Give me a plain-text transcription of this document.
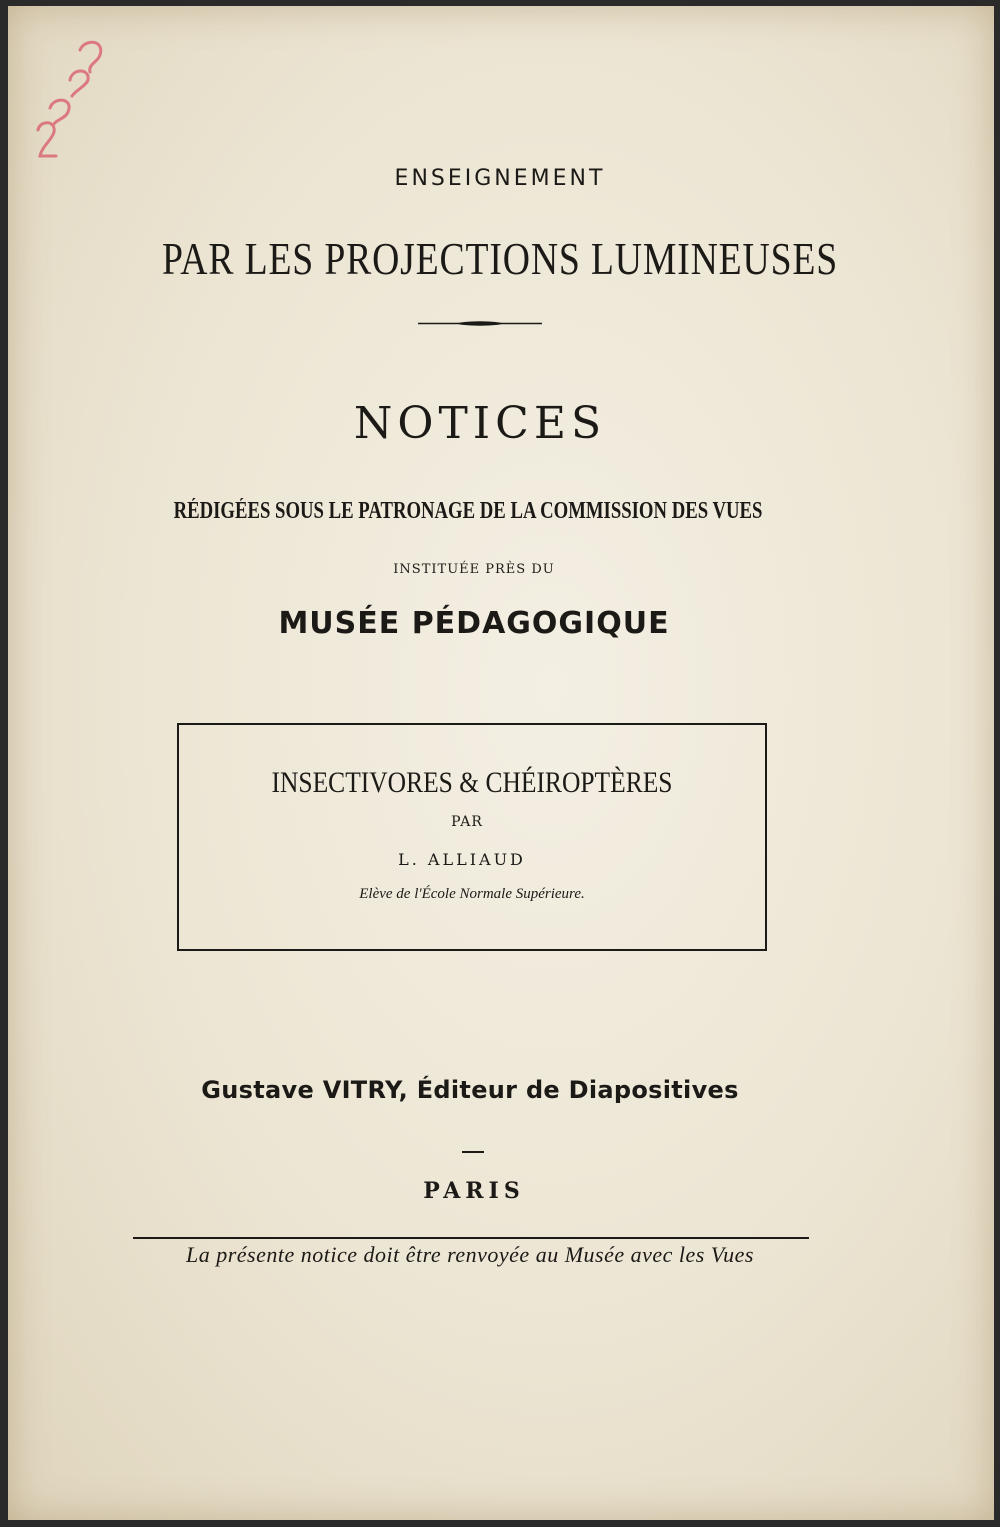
ENSEIGNEMENT
PAR LES PROJECTIONS LUMINEUSES
NOTICES
RÉDIGÉES SOUS LE PATRONAGE DE LA COMMISSION DES VUES
INSTITUÉE PRÈS DU
MUSÉE PÉDAGOGIQUE
INSECTIVORES & CHÉIROPTÈRES
PAR
L. ALLIAUD
Elève de l'École Normale Supérieure.
Gustave VITRY, Éditeur de Diapositives
PARIS
La présente notice doit être renvoyée au Musée avec les Vues
